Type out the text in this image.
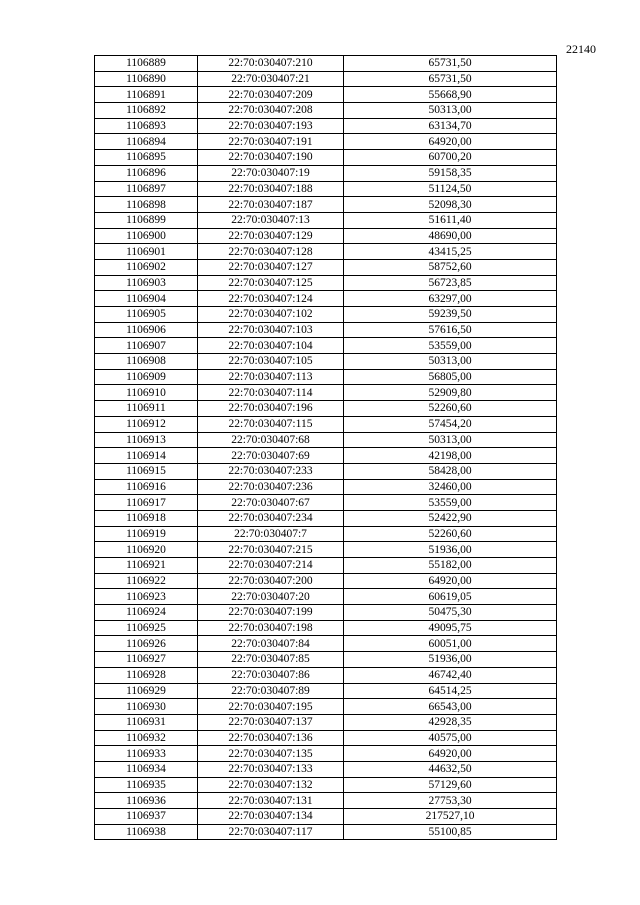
22140
1106889	22:70:030407:210	65731,50
1106890	22:70:030407:21	65731,50
1106891	22:70:030407:209	55668,90
1106892	22:70:030407:208	50313,00
1106893	22:70:030407:193	63134,70
1106894	22:70:030407:191	64920,00
1106895	22:70:030407:190	60700,20
1106896	22:70:030407:19	59158,35
1106897	22:70:030407:188	51124,50
1106898	22:70:030407:187	52098,30
1106899	22:70:030407:13	51611,40
1106900	22:70:030407:129	48690,00
1106901	22:70:030407:128	43415,25
1106902	22:70:030407:127	58752,60
1106903	22:70:030407:125	56723,85
1106904	22:70:030407:124	63297,00
1106905	22:70:030407:102	59239,50
1106906	22:70:030407:103	57616,50
1106907	22:70:030407:104	53559,00
1106908	22:70:030407:105	50313,00
1106909	22:70:030407:113	56805,00
1106910	22:70:030407:114	52909,80
1106911	22:70:030407:196	52260,60
1106912	22:70:030407:115	57454,20
1106913	22:70:030407:68	50313,00
1106914	22:70:030407:69	42198,00
1106915	22:70:030407:233	58428,00
1106916	22:70:030407:236	32460,00
1106917	22:70:030407:67	53559,00
1106918	22:70:030407:234	52422,90
1106919	22:70:030407:7	52260,60
1106920	22:70:030407:215	51936,00
1106921	22:70:030407:214	55182,00
1106922	22:70:030407:200	64920,00
1106923	22:70:030407:20	60619,05
1106924	22:70:030407:199	50475,30
1106925	22:70:030407:198	49095,75
1106926	22:70:030407:84	60051,00
1106927	22:70:030407:85	51936,00
1106928	22:70:030407:86	46742,40
1106929	22:70:030407:89	64514,25
1106930	22:70:030407:195	66543,00
1106931	22:70:030407:137	42928,35
1106932	22:70:030407:136	40575,00
1106933	22:70:030407:135	64920,00
1106934	22:70:030407:133	44632,50
1106935	22:70:030407:132	57129,60
1106936	22:70:030407:131	27753,30
1106937	22:70:030407:134	217527,10
1106938	22:70:030407:117	55100,85
